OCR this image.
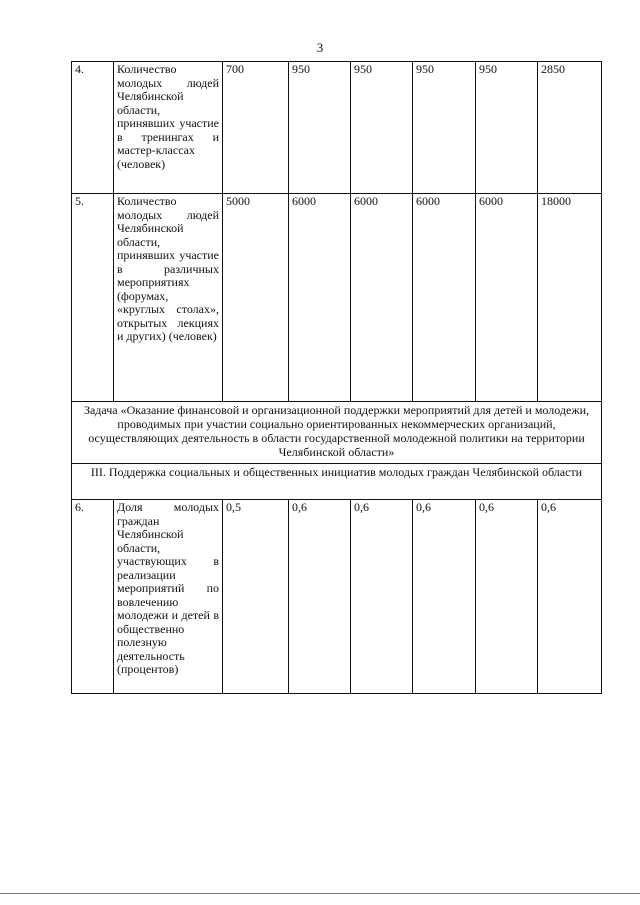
3
4.	Количество молодых людей Челябинской области, принявших участие в тренингах и мастер-классах (человек)	700	950	950	950	950	2850
5.	Количество молодых людей Челябинской области, принявших участие в различных мероприятиях (форумах, «круглых столах», открытых лекциях и других) (человек)	5000	6000	6000	6000	6000	18000
Задача «Оказание финансовой и организационной поддержки мероприятий для детей и молодежи, проводимых при участии социально ориентированных некоммерческих организаций, осуществляющих деятельность в области государственной молодежной политики на территории Челябинской области»							
III. Поддержка социальных и общественных инициатив молодых граждан Челябинской области							
6.	Доля молодых граждан Челябинской области, участвующих в реализации мероприятий по вовлечению молодежи и детей в общественно полезную деятельность (процентов)	0,5	0,6	0,6	0,6	0,6	0,6
